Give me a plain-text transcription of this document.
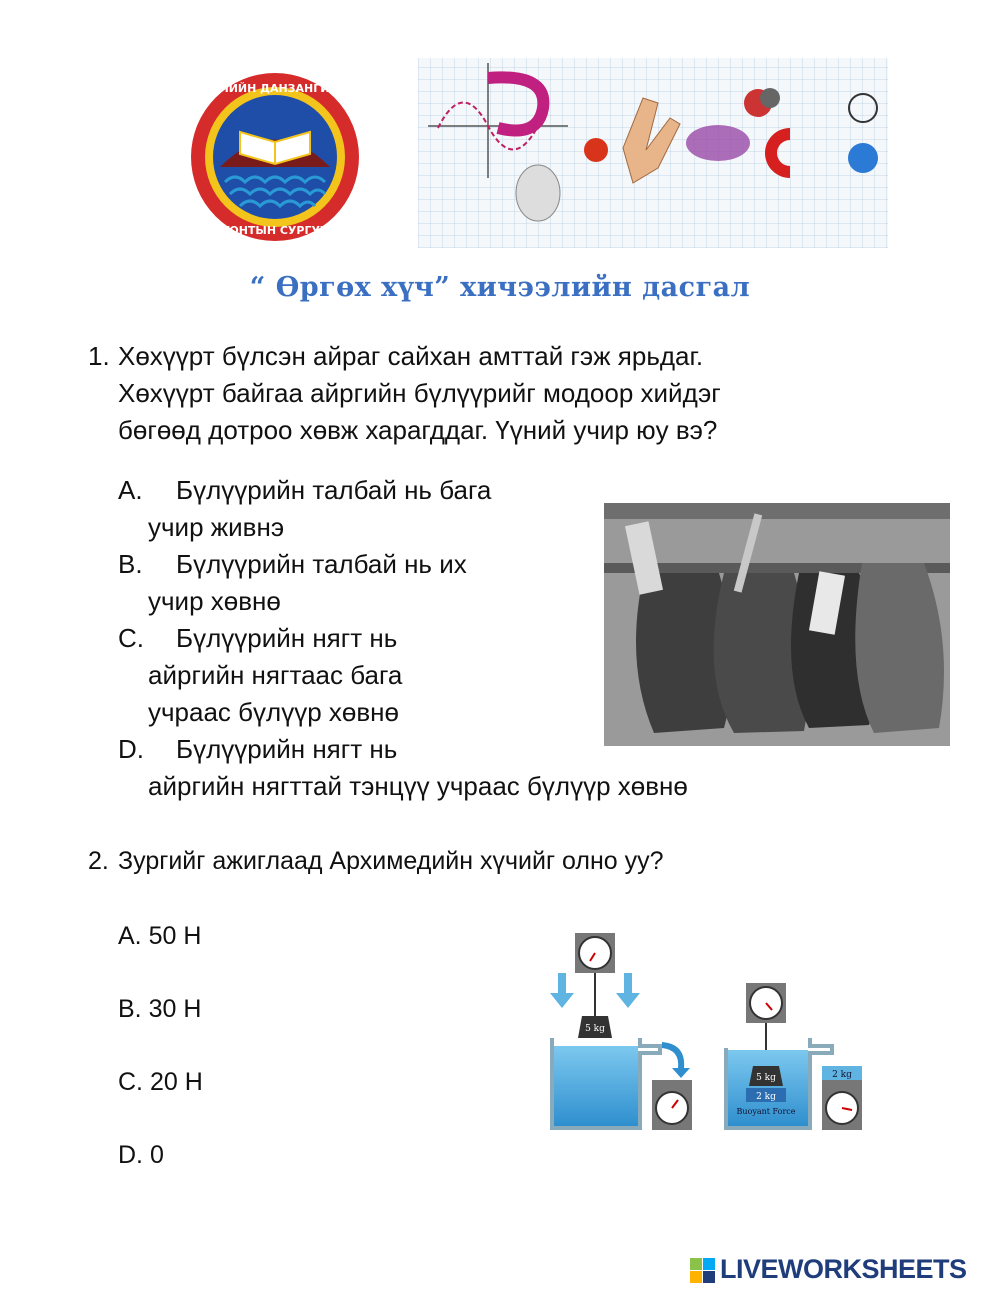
СОЛИЙН ДАНЗАНГИЙН
ХОТОНТЫН СУРГУУЛЬ
“ Өргөх хүч” хичээлийн дасгал
1. Хөхүүрт бүлсэн айраг сайхан амттай гэж ярьдаг.
Хөхүүрт байгаа айргийн бүлүүрийг модоор хийдэг
бөгөөд дотроо хөвж харагддаг. Үүний учир юу вэ?
A. Бүлүүрийн талбай нь бага
учир живнэ
B. Бүлүүрийн талбай нь их
учир хөвнө
C. Бүлүүрийн нягт нь
айргийн нягтаас бага
учраас бүлүүр хөвнө
D. Бүлүүрийн нягт нь
айргийн нягттай тэнцүү учраас бүлүүр хөвнө
2. Зургийг ажиглаад Архимедийн хүчийг олно уу?
A. 50 Н
B. 30 Н
C. 20 Н
D. 0
5 kg
5 kg
2 kg
Buoyant Force
2 kg
LIVEWORKSHEETS
